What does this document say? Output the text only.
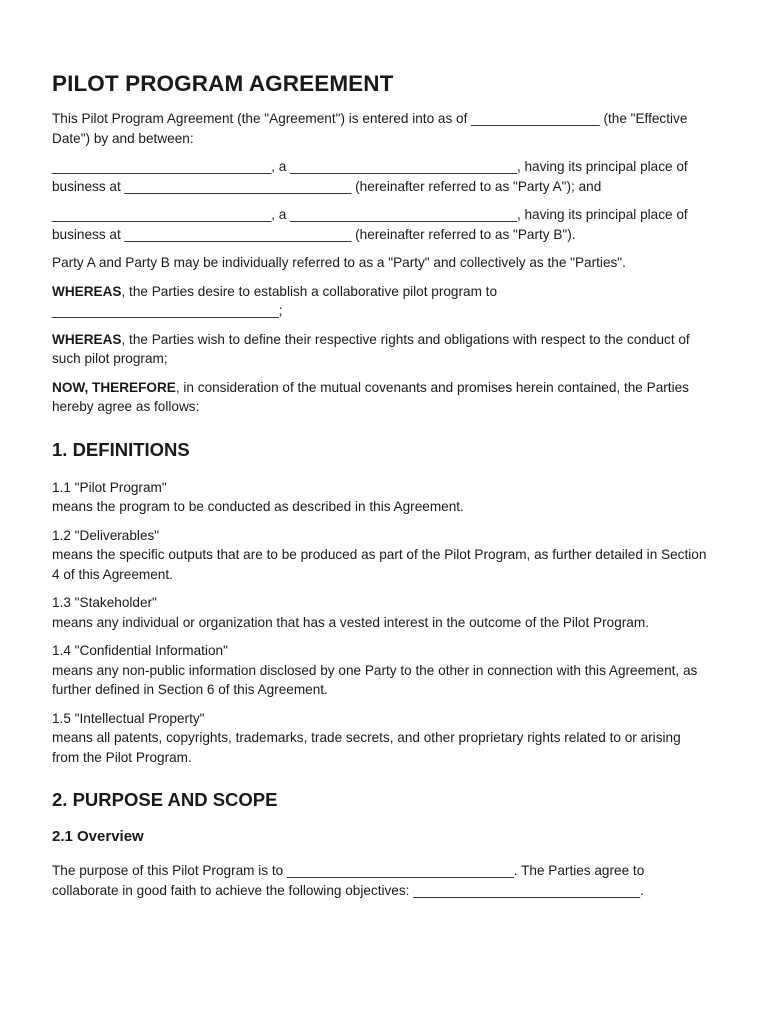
PILOT PROGRAM AGREEMENT

This Pilot Program Agreement (the "Agreement") is entered into as of _________________ (the "Effective Date") by and between:

_____________________________, a ______________________________, having its principal place of business at ______________________________ (hereinafter referred to as "Party A"); and

_____________________________, a ______________________________, having its principal place of business at ______________________________ (hereinafter referred to as "Party B").

Party A and Party B may be individually referred to as a "Party" and collectively as the "Parties".

WHEREAS, the Parties desire to establish a collaborative pilot program to ______________________________;

WHEREAS, the Parties wish to define their respective rights and obligations with respect to the conduct of such pilot program;

NOW, THEREFORE, in consideration of the mutual covenants and promises herein contained, the Parties hereby agree as follows:

1. DEFINITIONS

1.1 "Pilot Program"

means the program to be conducted as described in this Agreement.

1.2 "Deliverables"

means the specific outputs that are to be produced as part of the Pilot Program, as further detailed in Section 4 of this Agreement.

1.3 "Stakeholder"

means any individual or organization that has a vested interest in the outcome of the Pilot Program.

1.4 "Confidential Information"

means any non-public information disclosed by one Party to the other in connection with this Agreement, as further defined in Section 6 of this Agreement.

1.5 "Intellectual Property"

means all patents, copyrights, trademarks, trade secrets, and other proprietary rights related to or arising from the Pilot Program.

2. PURPOSE AND SCOPE
2.1 Overview

The purpose of this Pilot Program is to ______________________________. The Parties agree to collaborate in good faith to achieve the following objectives: ______________________________.
